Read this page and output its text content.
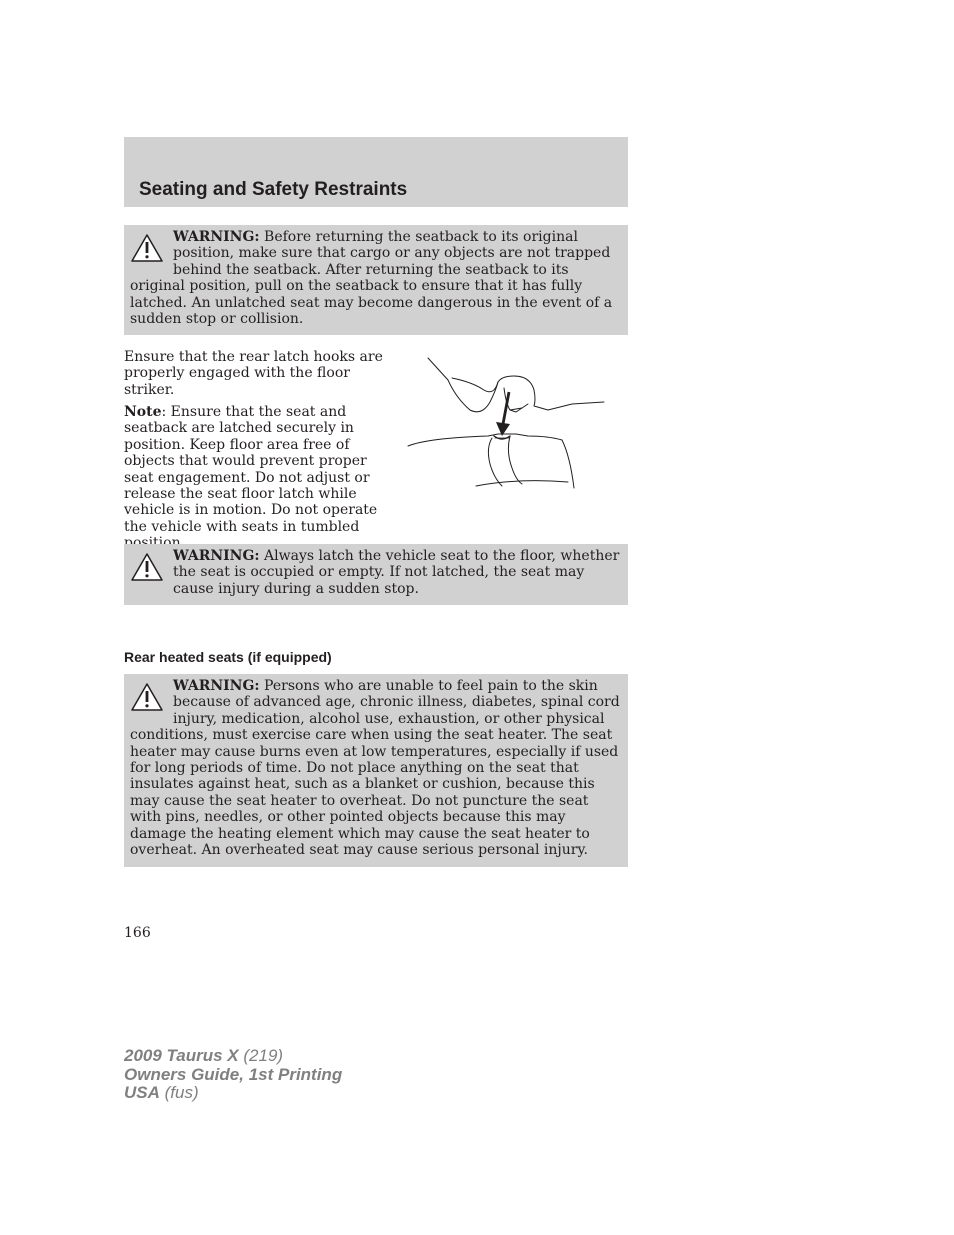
Seating and Safety Restraints
WARNING: Before returning the seatback to its original position, make sure that cargo or any objects are not trapped behind the seatback. After returning the seatback to its original position, pull on the seatback to ensure that it has fully latched. An unlatched seat may become dangerous in the event of a sudden stop or collision.

Ensure that the rear latch hooks are properly engaged with the floor striker.

Note: Ensure that the seat and seatback are latched securely in position. Keep floor area free of objects that would prevent proper seat engagement. Do not adjust or release the seat floor latch while vehicle is in motion. Do not operate

the vehicle with seats in tumbled

WARNING: Always latch the vehicle seat to the floor, whether the seat is occupied or empty. If not latched, the seat may cause injury during a sudden stop.
Rear heated seats (if equipped)
WARNING: Persons who are unable to feel pain to the skin because of advanced age, chronic illness, diabetes, spinal cord injury, medication, alcohol use, exhaustion, or other physical conditions, must exercise care when using the seat heater. The seat heater may cause burns even at low temperatures, especially if used for long periods of time. Do not place anything on the seat that insulates against heat, such as a blanket or cushion, because this may cause the seat heater to overheat. Do not puncture the seat with pins, needles, or other pointed objects because this may damage the heating element which may cause the seat heater to overheat. An overheated seat may cause serious personal injury.

166

2009 Taurus X (219)
Owners Guide, 1st Printing
USA (fus)
